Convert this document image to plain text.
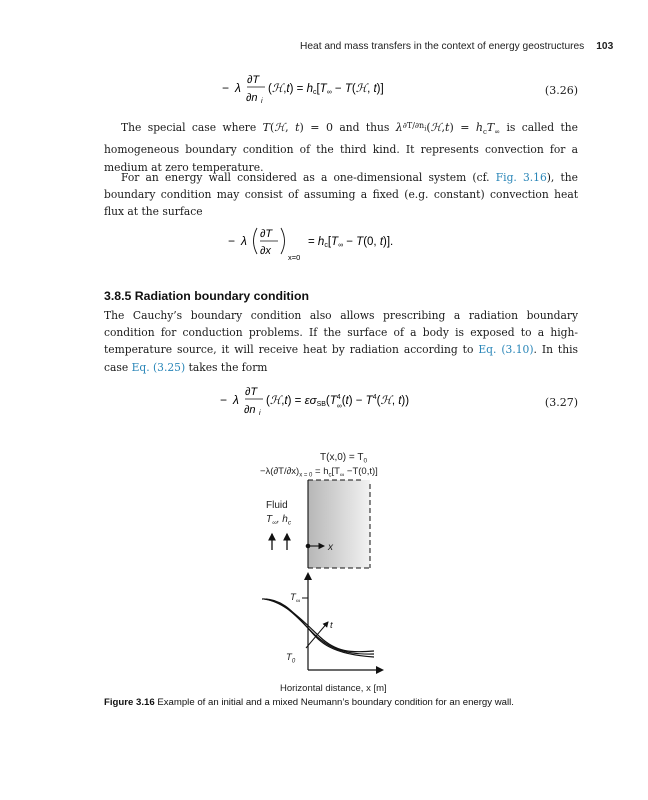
Heat and mass transfers in the context of energy geostructures 103
− λ
∂T
∂n i
(ℋ,t) = hc[T∞ − T(ℋ, t)]	(3.26)

The special case where T(ℋ, t) = 0 and thus $\lambda^{\partial T/\partial n_i}(ℋ,t) = h_cT_\infty$ is called the homogeneous boundary condition of the third kind. It represents convection for a medium at zero temperature.

For an energy wall considered as a one-dimensional system (cf. Fig. 3.16), the boundary condition may consist of assuming a fixed (e.g. constant) convection heat flux at the surface

− λ ∂T
∂x
x=0
= hc[T∞ − T(0, t)].
3.8.5 Radiation boundary condition

The Cauchy’s boundary condition also allows prescribing a radiation boundary condition for conduction problems. If the surface of a body is exposed to a high-temperature source, it will receive heat by radiation according to Eq. (3.10). In this case Eq. (3.25) takes the form

− λ
∂T
∂n i
(ℋ,t) = $\varepsilon\sigma SB(T^4$ $\infty(t) - T^4(ℋ$, t))	(3.27)
$T(x,0) = T_0$
$-\lambda(\partial T/\partial x)_{x = 0} = h_c[T_\infty -T(0,t)]$
Fluid
$T_\infty$, $h_c$
x
$T_\infty$
$T_0$
t
Horizontal distance, x [m]
Figure 3.16 Example of an initial and a mixed Neumann’s boundary condition for an energy wall.
